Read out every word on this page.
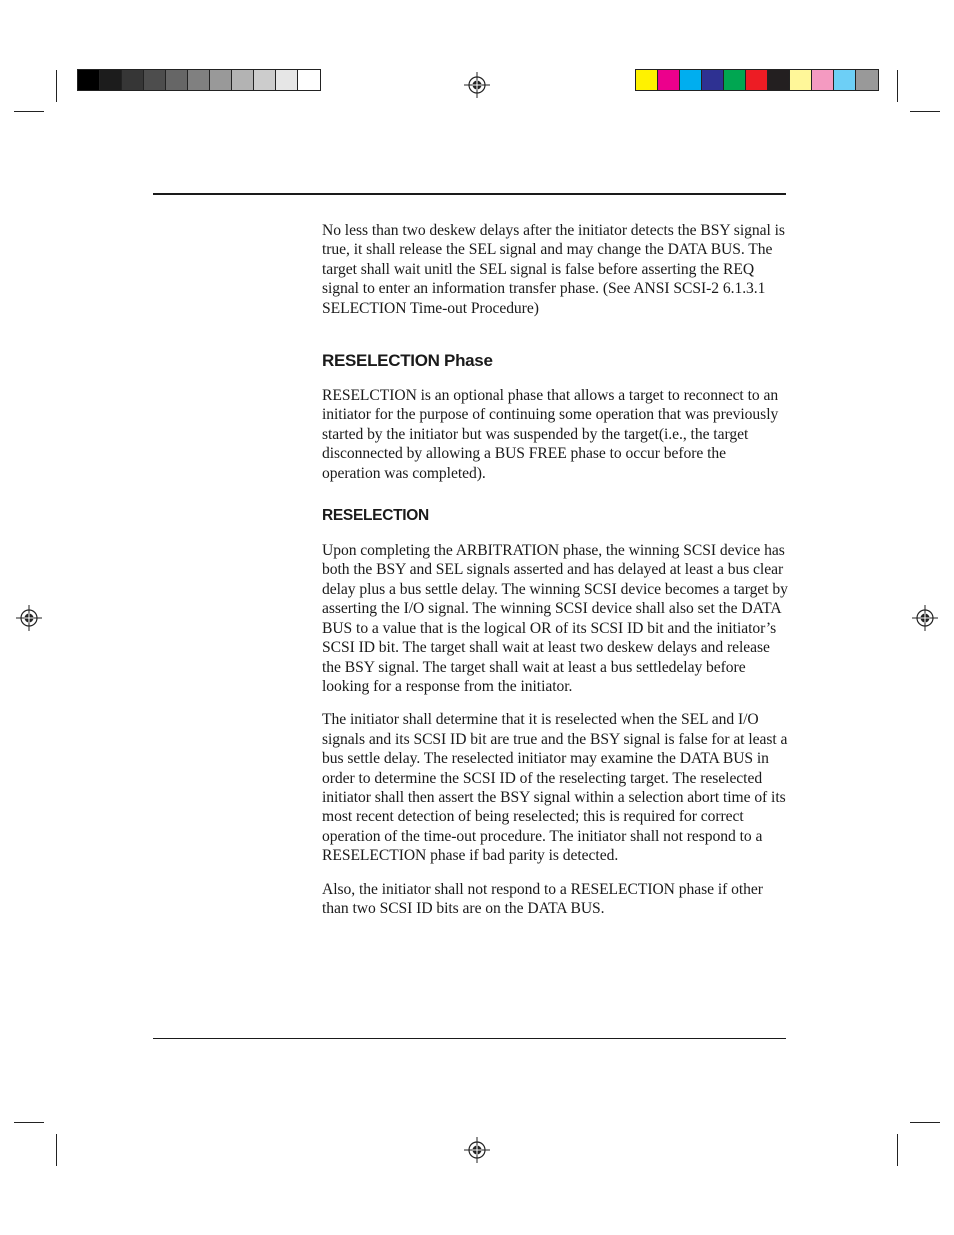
No less than two deskew delays after the initiator detects the BSY signal is true, it shall release the SEL signal and may change the DATA BUS. The target shall wait unitl the SEL signal is false before asserting the REQ signal to enter an information transfer phase. (See ANSI SCSI-2 6.1.3.1 SELECTION Time-out Procedure)

RESELECTION Phase

RESELCTION is an optional phase that allows a target to reconnect to an initiator for the purpose of continuing some operation that was previously started by the initiator but was suspended by the target(i.e., the target disconnected by allowing a BUS FREE phase to occur before the operation was completed).

RESELECTION

Upon completing the ARBITRATION phase, the winning SCSI device has both the BSY and SEL signals asserted and has delayed at least a bus clear delay plus a bus settle delay. The winning SCSI device becomes a target by asserting the I/O signal. The winning SCSI device shall also set the DATA BUS to a value that is the logical OR of its SCSI ID bit and the initiator’s SCSI ID bit. The target shall wait at least two deskew delays and release the BSY signal. The target shall wait at least a bus settledelay before looking for a response from the initiator.

The initiator shall determine that it is reselected when the SEL and I/O signals and its SCSI ID bit are true and the BSY signal is false for at least a bus settle delay. The reselected initiator may examine the DATA BUS in order to determine the SCSI ID of the reselecting target. The reselected initiator shall then assert the BSY signal within a selection abort time of its most recent detection of being reselected; this is required for correct operation of the time-out procedure. The initiator shall not respond to a RESELECTION phase if bad parity is detected.

Also, the initiator shall not respond to a RESELECTION phase if other than two SCSI ID bits are on the DATA BUS.
